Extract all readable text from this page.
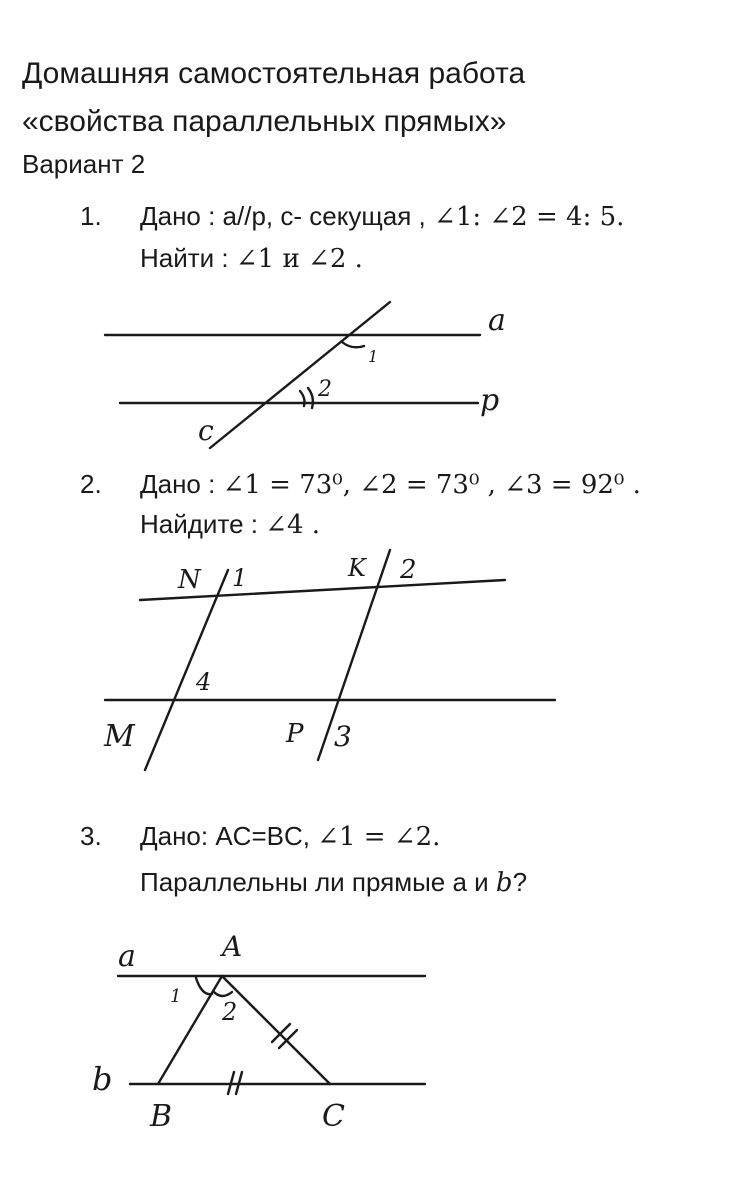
Домашняя самостоятельная работа
«свойства параллельных прямых»
Вариант 2
1. Дано : a//p, c- секущая , ∠1: ∠2 = 4: 5.
Найти : ∠1 и ∠2 .
a
p
c
1
2
2. Дано : ∠1 = 73⁰, ∠2 = 73⁰ , ∠3 = 92⁰ .
Найдите : ∠4 .
N 1	K 2
4
M	P 3
3. Дано: AC=BC, ∠1 = ∠2.
Параллельны ли прямые a и b?
a	A
1
2
b
B	C
